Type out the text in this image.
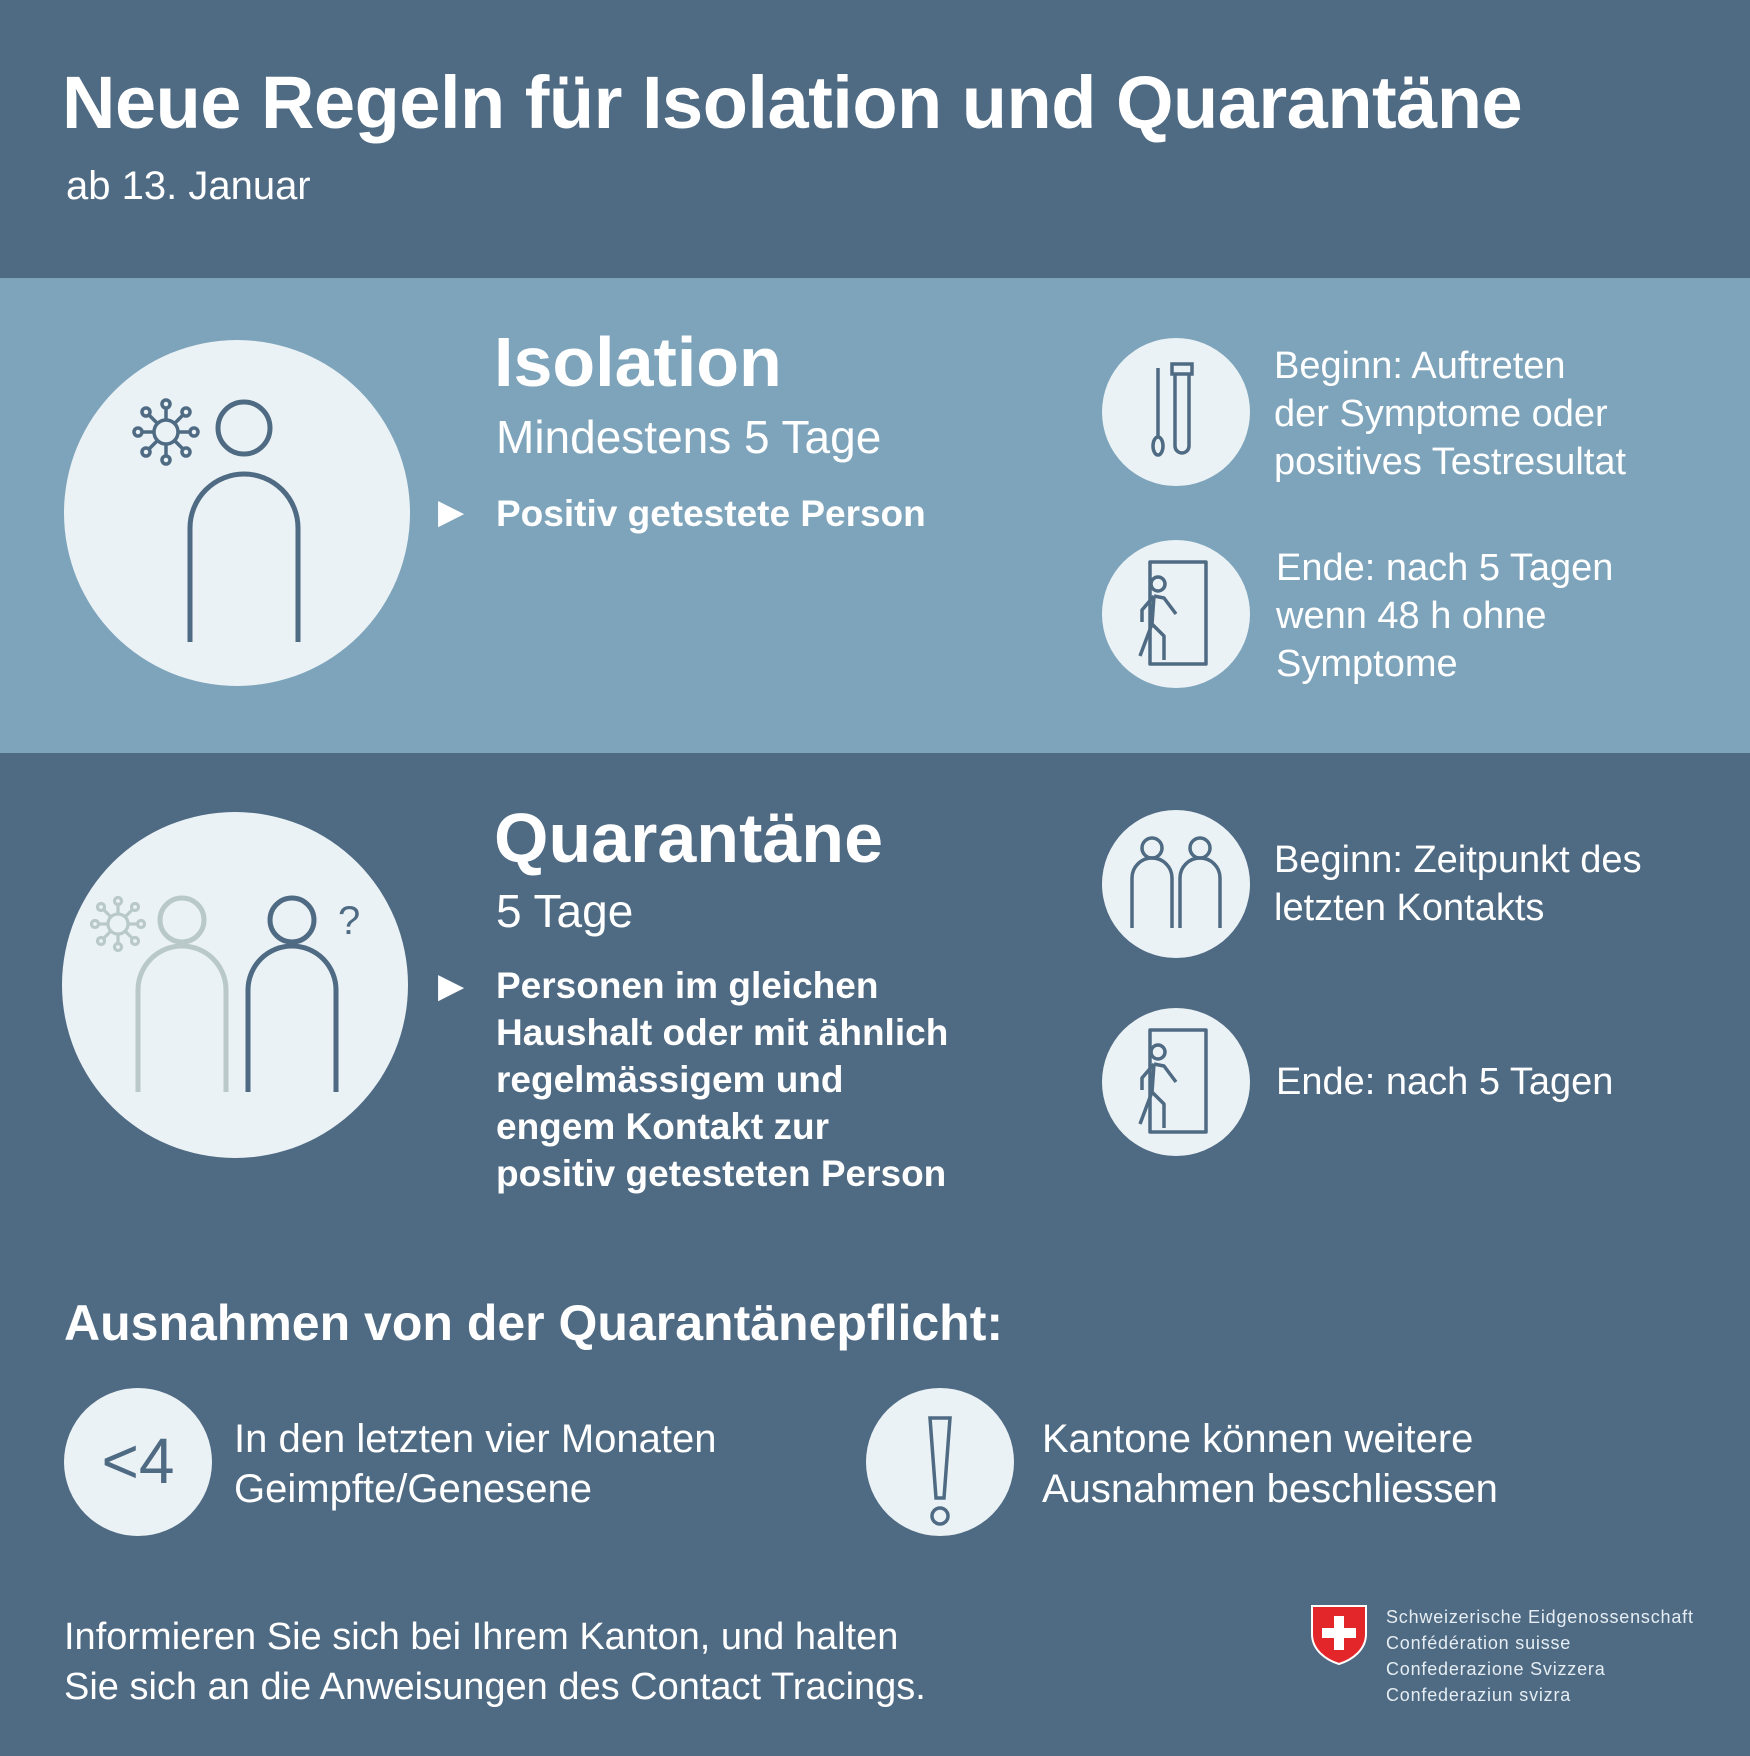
Neue Regeln für Isolation und Quarantäne
ab 13. Januar
Isolation
Mindestens 5 Tage
▶ Positiv getestete Person
Beginn: Auftreten
der Symptome oder
positives Testresultat
Ende: nach 5 Tagen
wenn 48 h ohne
Symptome
?
Quarantäne
5 Tage
▶ Personen im gleichen
Haushalt oder mit ähnlich
regelmässigem und
engem Kontakt zur
positiv getesteten Person
Beginn: Zeitpunkt des
letzten Kontakts
Ende: nach 5 Tagen
Ausnahmen von der Quarantänepflicht:
<4	In den letzten vier Monaten
Geimpfte/Genesene
Kantone können weitere
Ausnahmen beschliessen
Informieren Sie sich bei Ihrem Kanton, und halten
Sie sich an die Anweisungen des Contact Tracings.
Schweizerische Eidgenossenschaft
Confédération suisse
Confederazione Svizzera
Confederaziun svizra
